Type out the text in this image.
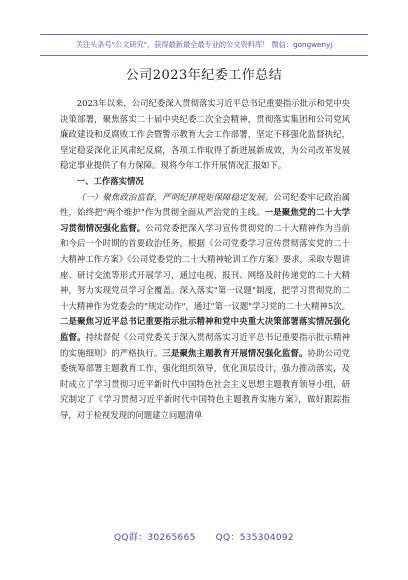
关注头条号"公文研究"，获得最新最全最专业的公文资料库！ 微信：gongwenyj
公司2023年纪委工作总结

2023年以来，公司纪委深入贯彻落实习近平总书记重要指示批示和党中央决策部署，聚焦落实二十届中央纪委二次全会精神，贯彻落实集团和公司党风廉政建设和反腐败工作会暨警示教育大会工作部署，坚定不移强化监督执纪，坚定稳妥深化正风肃纪反腐，各项工作取得了新进展新成效，为公司改革发展稳定事业提供了有力保障。现将今年工作开展情况汇报如下。

一、工作落实情况

（一）聚焦政治监督，严明纪律规矩保障稳定发展。公司纪委牢记政治属性，始终把"两个维护"作为贯彻全面从严治党的主线。一是聚焦党的二十大学习贯彻情况强化监督。公司党委把深入学习宣传贯彻党的二十大精神作为当前和今后一个时期的首要政治任务，根据《公司党委学习宣传贯彻落实党的二十大精神工作方案》《公司党委党的二十大精神轮训工作方案》要求，采取专题讲座、研讨交流等形式开展学习，通过电视、报刊、网络及时传递党的二十大精神，努力实现党员学习全覆盖。深入落实"第一议题"制度，把学习贯彻党的二十大精神作为党委会的"规定动作"，通过"第一议题"学习党的二十大精神5次。二是聚焦习近平总书记重要指示批示精神和党中央重大决策部署落实情况强化监督。持续督促《公司党委关于深入贯彻落实习近平总书记重要指示批示精神的实施细则》的严格执行。三是聚焦主题教育开展情况强化监督。协助公司党委统筹部署主题教育工作，强化组织领导，优化顶层设计，强力推动落实，及时成立了学习贯彻习近平新时代中国特色社会主义思想主题教育领导小组，研究制定了《学习贯彻习近平新时代中国特色主题教育实施方案》，做好跟踪指导，对于检视发现的问题建立问题清单

QQ群：30265665 QQ：535304092
